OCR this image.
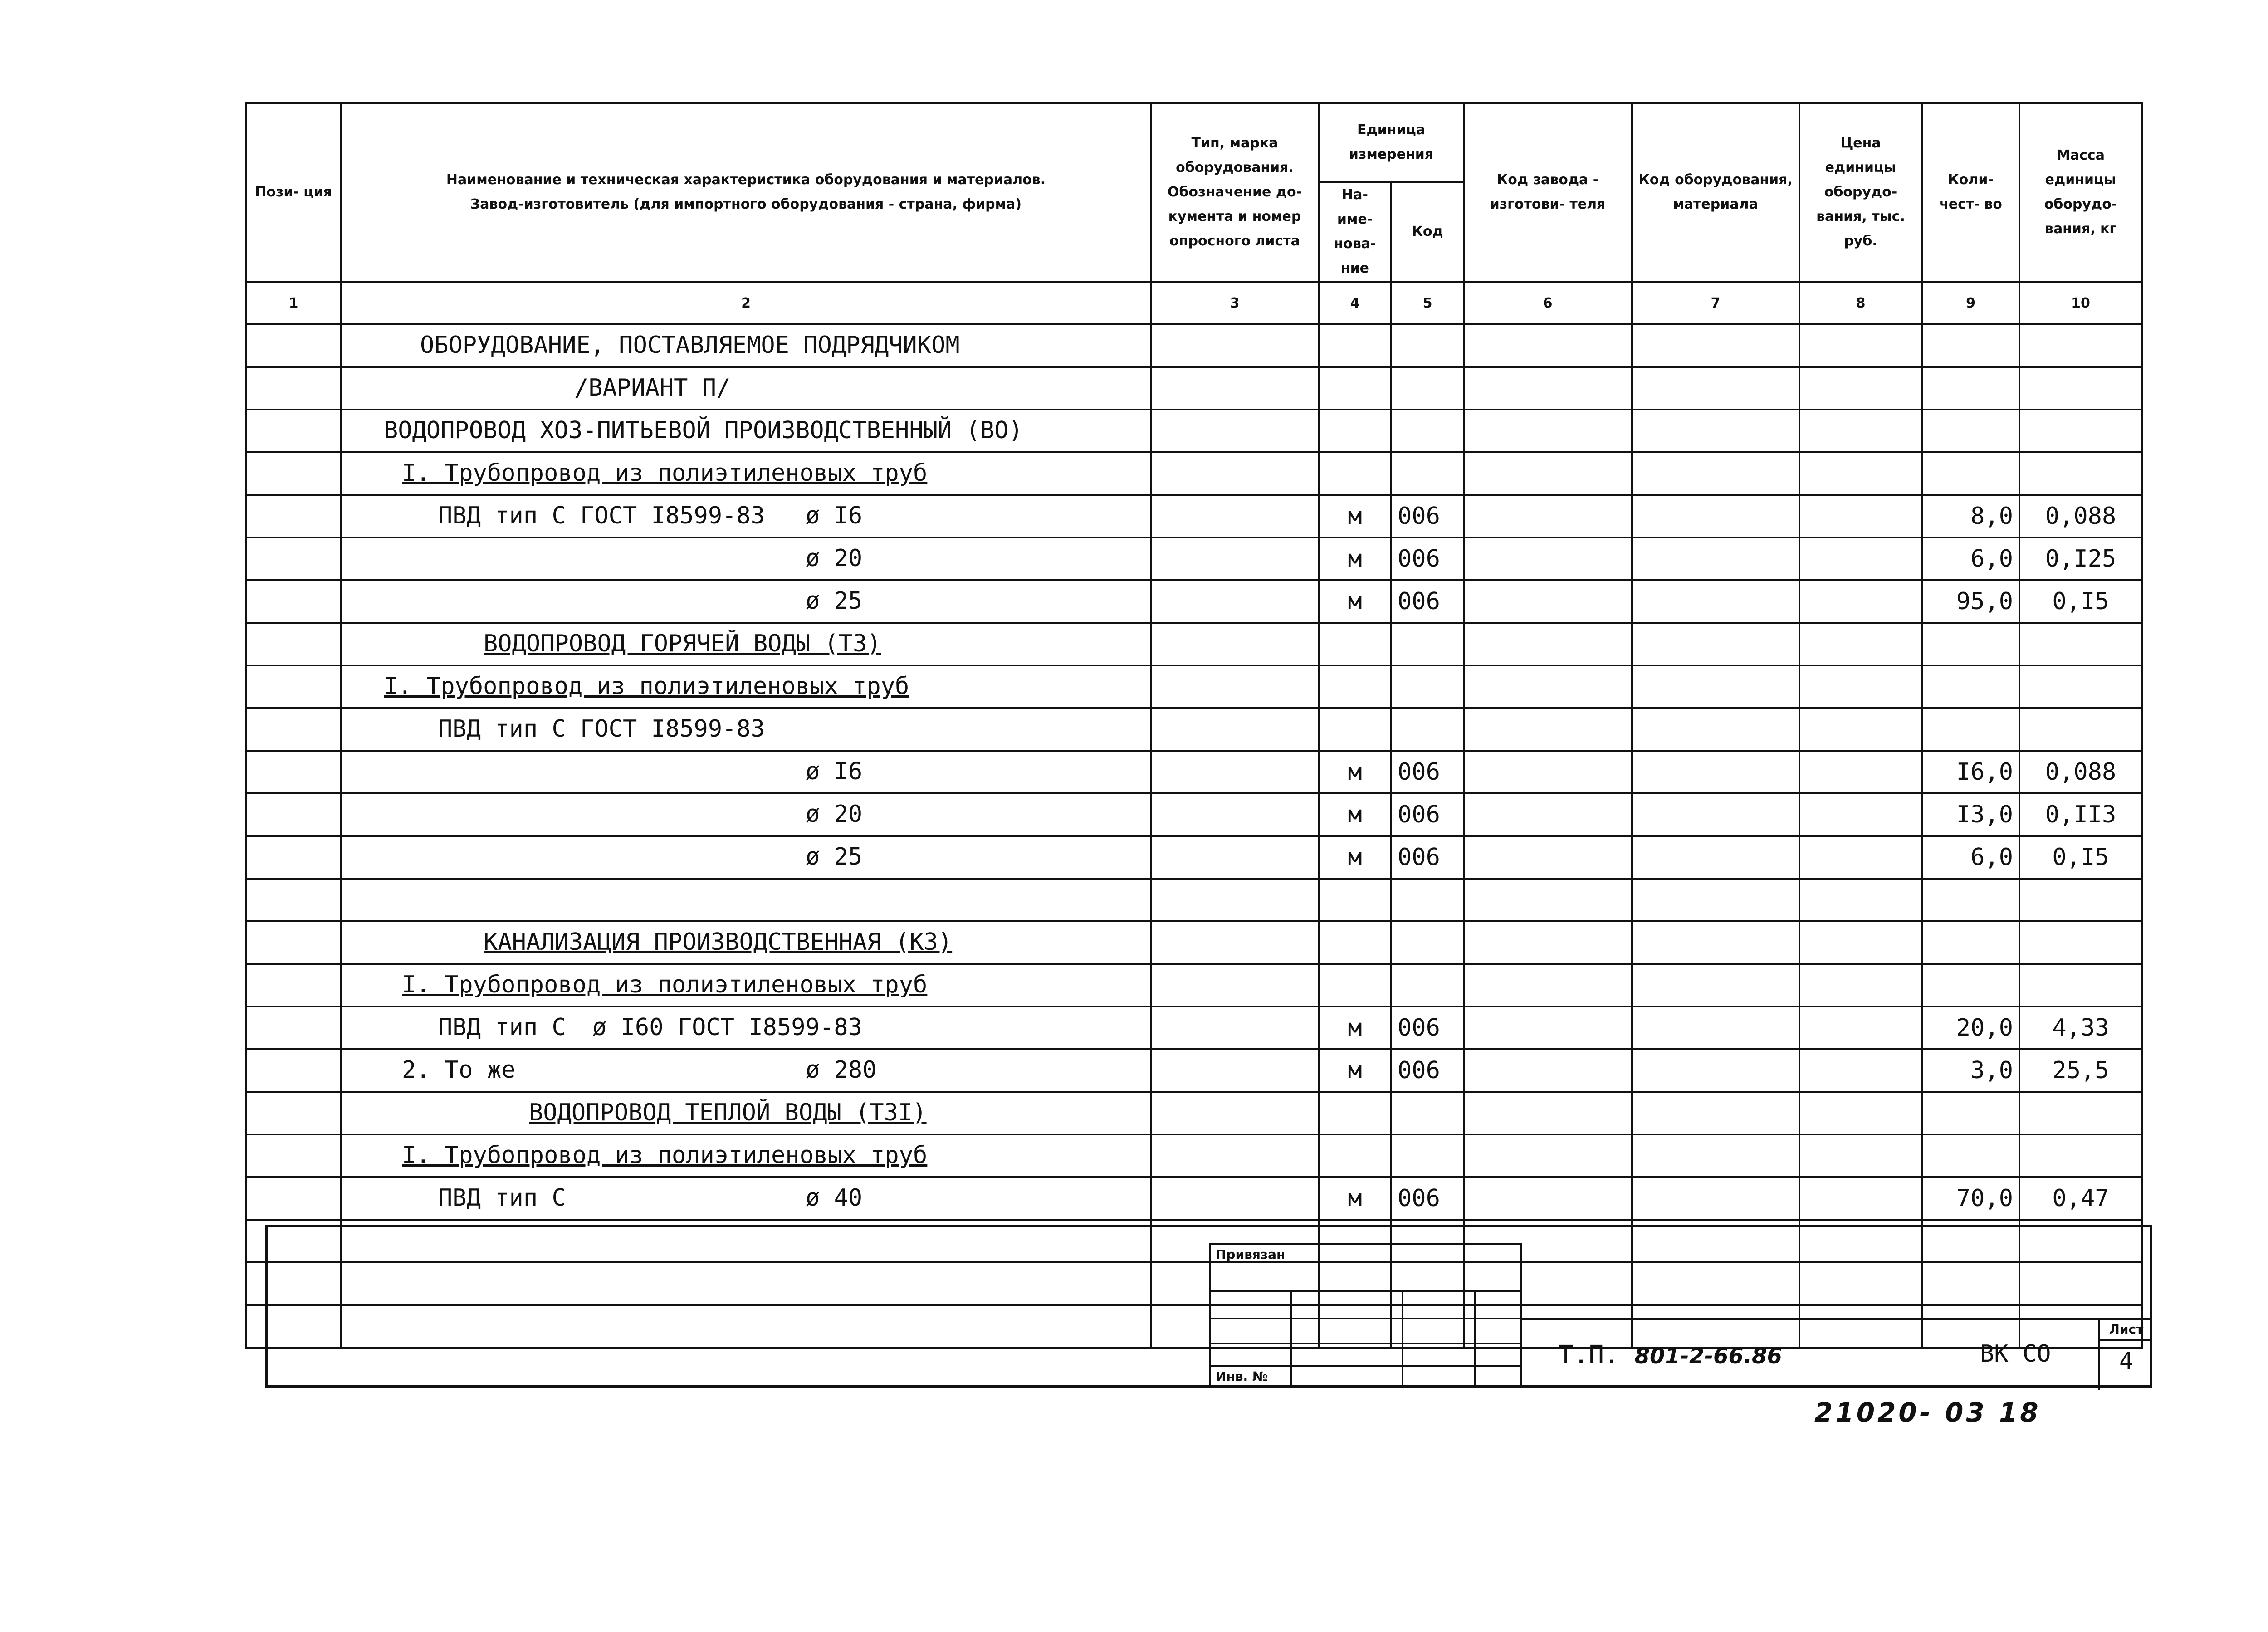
Пози- ция	Наименование и техническая характеристика оборудования и материалов.
Завод-изготовитель (для импортного оборудования - страна, фирма)	Тип, марка оборудования. Обозначение до- кумента и номер опросного листа	Единица измерения		Код завода - изготови- теля	Код оборудования, материала	Цена единицы оборудо- вания, тыс. руб.	Коли- чест- во	Масса единицы оборудо- вания, кг
			На- име- нова- ние	Код					
1	2	3	4	5	6	7	8	9	10

	ОБОРУДОВАНИЕ, ПОСТАВЛЯЕМОЕ ПОДРЯДЧИКОМ								

	/ВАРИАНТ П/								

	ВОДОПРОВОД ХОЗ-ПИТЬЕВОЙ ПРОИЗВОДСТВЕННЫЙ (ВО)								

	I. Трубопровод из полиэтиленовых труб								

	ПВД тип С ГОСТ I8599-83 ø I6		м	006				8,0	0,088

	ø 20		м	006				6,0	0,I25

	ø 25		м	006				95,0	0,I5

	ВОДОПРОВОД ГОРЯЧЕЙ ВОДЫ (Т3)								

	I. Трубопровод из полиэтиленовых труб								

	ПВД тип С ГОСТ I8599-83								

	ø I6		м	006				I6,0	0,088

	ø 20		м	006				I3,0	0,II3

	ø 25		м	006				6,0	0,I5

	КАНАЛИЗАЦИЯ ПРОИЗВОДСТВЕННАЯ (К3)								

	I. Трубопровод из полиэтиленовых труб								

	ПВД тип С ø I60 ГОСТ I8599-83		м	006				20,0	4,33

	2. То же ø 280		м	006				3,0	25,5

	ВОДОПРОВОД ТЕПЛОЙ ВОДЫ (Т3I)								

	I. Трубопровод из полиэтиленовых труб								

	ПВД тип С ø 40		м	006				70,0	0,47

Привязан
Инв. №
Т.П. 801-2-66.86	ВК СО
Лист
4
21020- 03 18
